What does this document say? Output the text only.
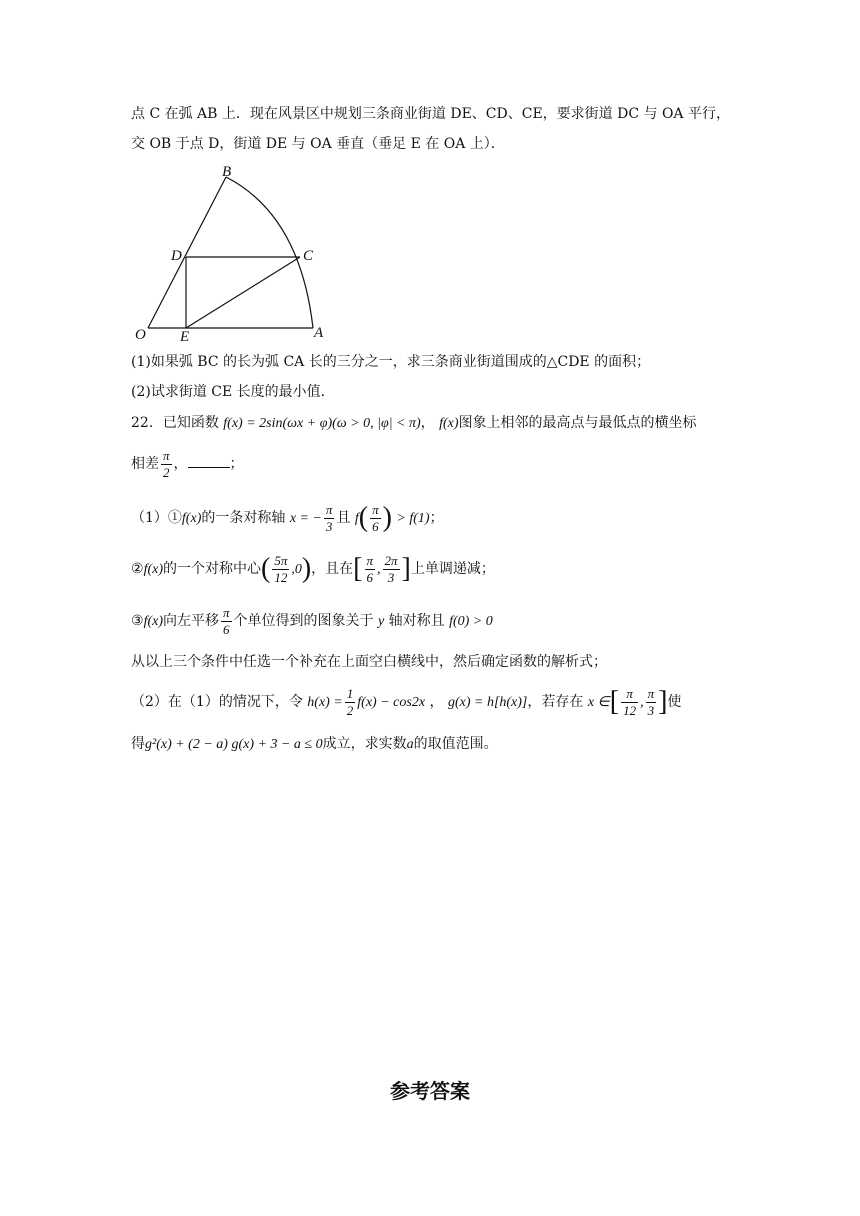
点 C 在弧 AB 上．现在风景区中规划三条商业街道 DE、CD、CE，要求街道 DC 与 OA 平行，
交 OB 于点 D，街道 DE 与 OA 垂直（垂足 E 在 OA 上）．
B
D	C
O E	A
(1)如果弧 BC 的长为弧 CA 长的三分之一，求三条商业街道围成的△CDE 的面积；
(2)试求街道 CE 长度的最小值．
22．已知函数 f(x) = 2sin(ωx + φ)(ω > 0, |φ| < π)， f(x)图象上相邻的最高点与最低点的横坐标
相差 $\frac{\pi}{2}$ ，	；
（1）①f(x)的一条对称轴 x = − $\frac{\pi}{3}$ 且 $f( \frac{\pi}{6}$ ) > f(1)；
②f(x)的一个对称中心( $\frac{5\pi}{12} ,0$)，且在[ $\frac{\pi}{6}$ , $\frac{2\pi}{3}$ ]上单调递减；
③f(x)向左平移 $\frac{\pi}{6}$ 个单位得到的图象关于 y 轴对称且 f(0) > 0
从以上三个条件中任选一个补充在上面空白横线中，然后确定函数的解析式；
（2）在（1）的情况下，令 $h(x) = \frac{1}{2} f(x) - \cos 2x$ ， g(x) = h[h(x)]，若存在 x ∈[ $\frac{\pi}{12}$ , $\frac{\pi}{3}$ ]使
得g²(x) + (2 − a) g(x) + 3 − a ≤ 0成立，求实数a的取值范围。
参考答案
